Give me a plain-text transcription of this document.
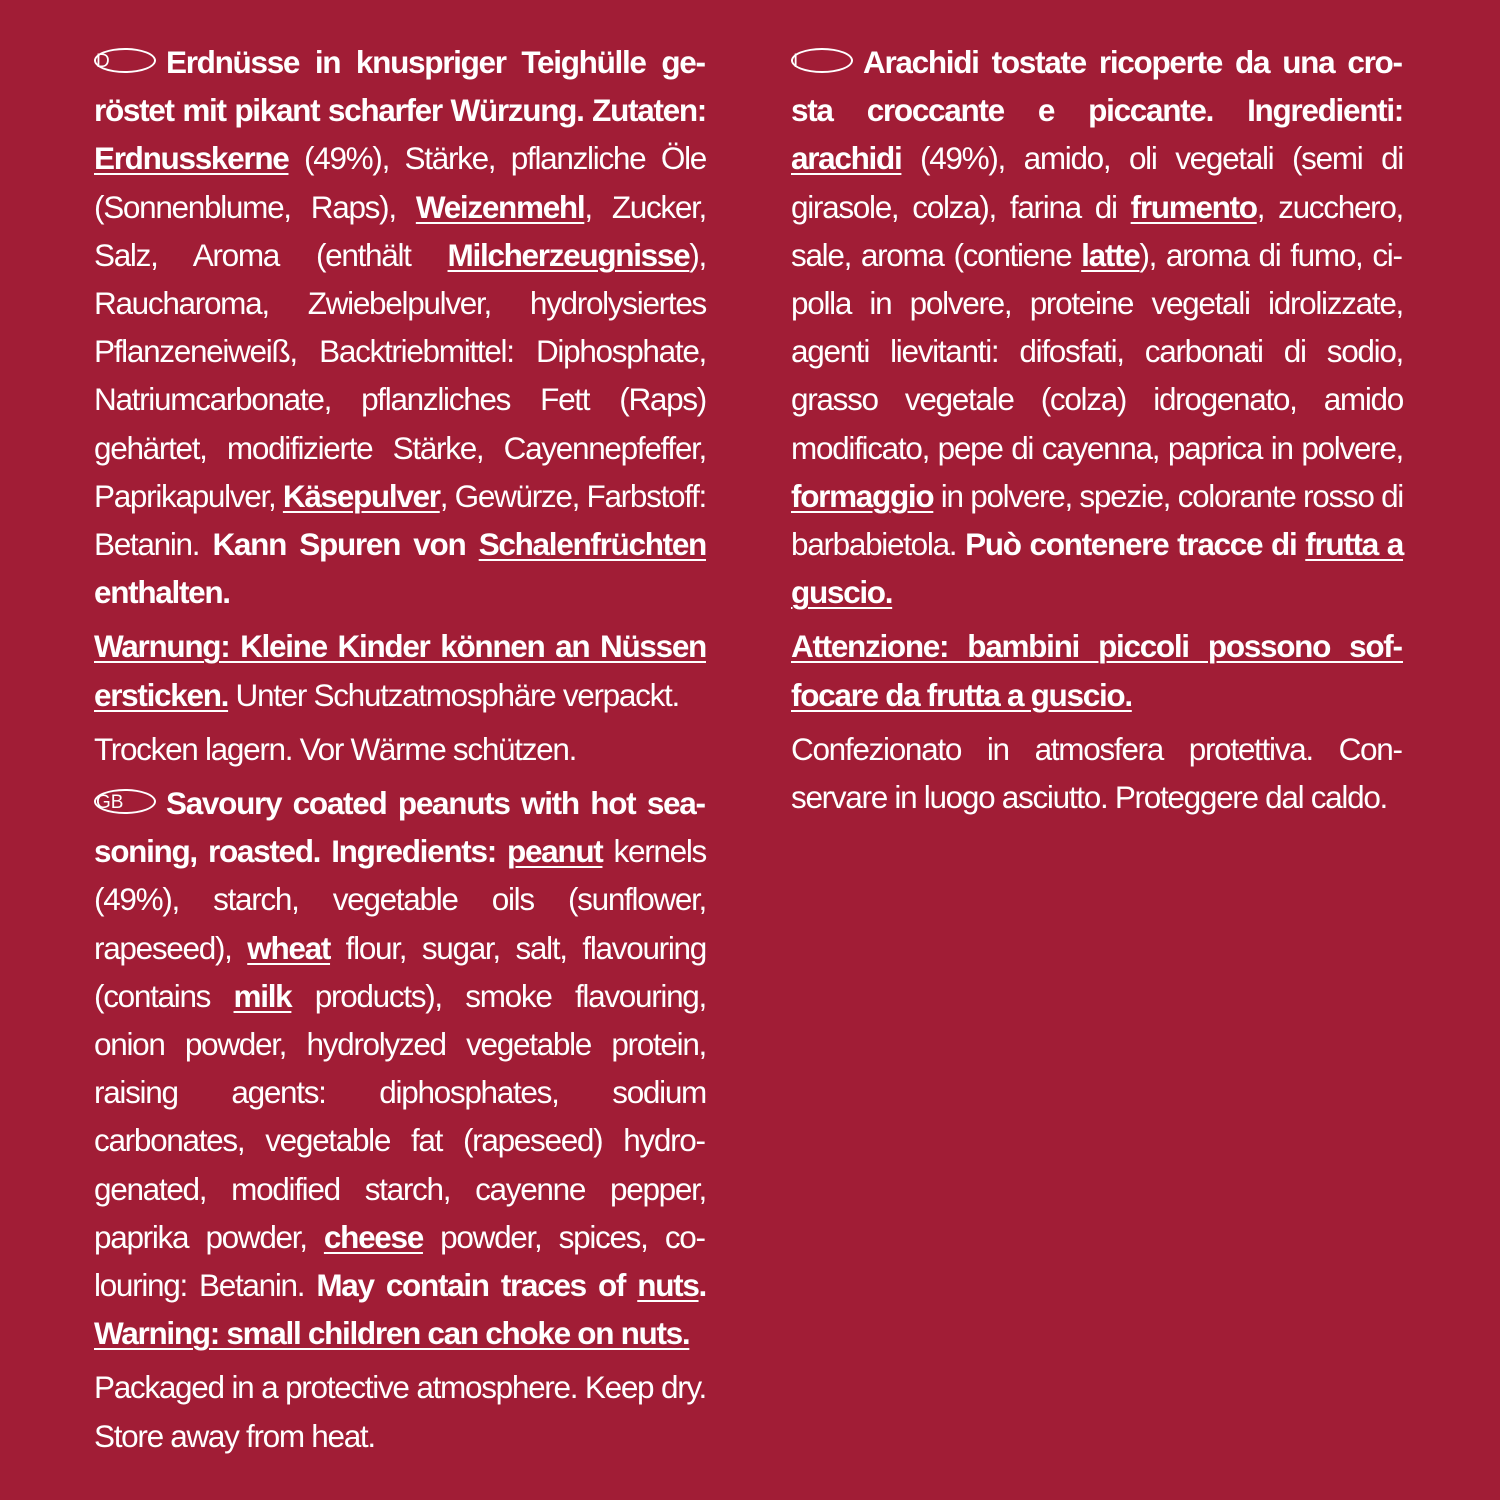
D Erdnüsse in knuspriger Teighülle geröstet mit pikant scharfer Würzung. Zutaten: Erdnusskerne (49%), Stärke, pflanzliche Öle (Sonnenblume, Raps), Weizenmehl, Zucker, Salz, Aroma (enthält Milcherzeugnisse), Raucharoma, Zwiebelpulver, hydrolysiertes Pflanzeneiweiß, Backtriebmittel: Diphosphate, Natriumcarbonate, pflanzliches Fett (Raps) gehärtet, modifizierte Stärke, Cayennepfeffer, Paprikapulver, Käsepulver, Gewürze, Farbstoff: Betanin. Kann Spuren von Schalenfrüchten enthalten.

Warnung: Kleine Kinder können an Nüssen ersticken. Unter Schutzatmosphäre verpackt.

Trocken lagern. Vor Wärme schützen.

GB Savoury coated peanuts with hot seasoning, roasted. Ingredients: peanut kernels (49%), starch, vegetable oils (sunflower, rapeseed), wheat flour, sugar, salt, flavouring (contains milk products), smoke flavouring, onion powder, hydrolyzed vegetable protein, raising agents: diphosphates, sodium carbonates, vegetable fat (rapeseed) hydrogenated, modified starch, cayenne pepper, paprika powder, cheese powder, spices, colouring: Betanin. May contain traces of nuts. Warning: small children can choke on nuts.

Packaged in a protective atmosphere. Keep dry. Store away from heat.

I Arachidi tostate ricoperte da una crosta croccante e piccante. Ingredienti: arachidi (49%), amido, oli vegetali (semi di girasole, colza), farina di frumento, zucchero, sale, aroma (contiene latte), aroma di fumo, cipolla in polvere, proteine vegetali idrolizzate, agenti lievitanti: difosfati, carbonati di sodio, grasso vegetale (colza) idrogenato, amido modificato, pepe di cayenna, paprica in polvere, formaggio in polvere, spezie, colorante rosso di barbabietola. Può contenere tracce di frutta a guscio.

Attenzione: bambini piccoli possono soffocare da frutta a guscio.

Confezionato in atmosfera protettiva. Conservare in luogo asciutto. Proteggere dal caldo.
